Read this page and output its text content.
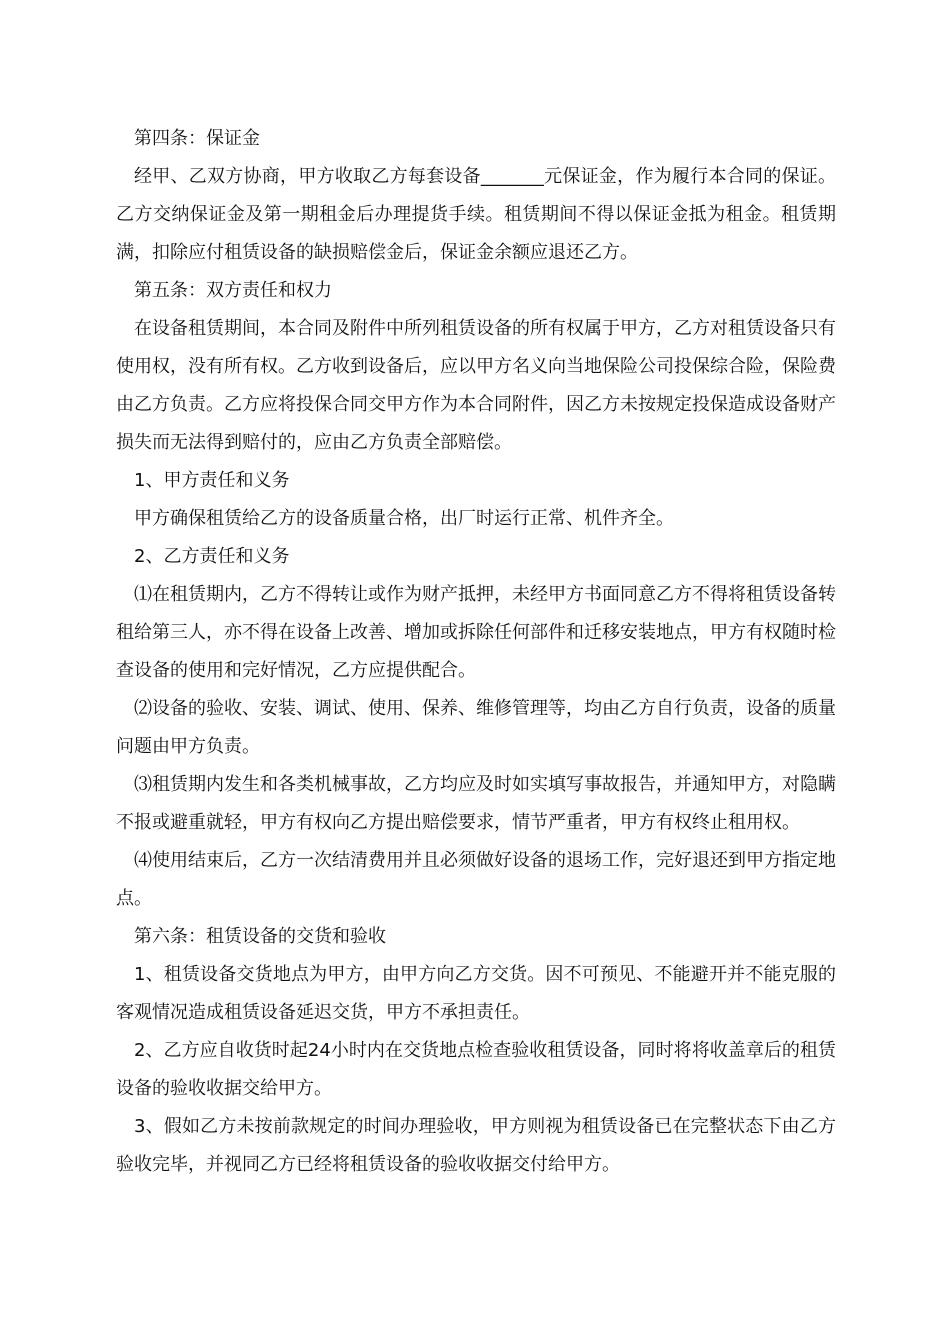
第四条：保证金

经甲、乙双方协商，甲方收取乙方每套设备_______元保证金，作为履行本合同的保证。乙方交纳保证金及第一期租金后办理提货手续。租赁期间不得以保证金抵为租金。租赁期满，扣除应付租赁设备的缺损赔偿金后，保证金余额应退还乙方。

第五条：双方责任和权力

在设备租赁期间，本合同及附件中所列租赁设备的所有权属于甲方，乙方对租赁设备只有使用权，没有所有权。乙方收到设备后，应以甲方名义向当地保险公司投保综合险，保险费由乙方负责。乙方应将投保合同交甲方作为本合同附件，因乙方未按规定投保造成设备财产损失而无法得到赔付的，应由乙方负责全部赔偿。

1、甲方责任和义务

甲方确保租赁给乙方的设备质量合格，出厂时运行正常、机件齐全。

2、乙方责任和义务

⑴在租赁期内，乙方不得转让或作为财产抵押，未经甲方书面同意乙方不得将租赁设备转租给第三人，亦不得在设备上改善、增加或拆除任何部件和迁移安装地点，甲方有权随时检查设备的使用和完好情况，乙方应提供配合。

⑵设备的验收、安装、调试、使用、保养、维修管理等，均由乙方自行负责，设备的质量问题由甲方负责。

⑶租赁期内发生和各类机械事故，乙方均应及时如实填写事故报告，并通知甲方，对隐瞒不报或避重就轻，甲方有权向乙方提出赔偿要求，情节严重者，甲方有权终止租用权。

⑷使用结束后，乙方一次结清费用并且必须做好设备的退场工作，完好退还到甲方指定地点。

第六条：租赁设备的交货和验收

1、租赁设备交货地点为甲方，由甲方向乙方交货。因不可预见、不能避开并不能克服的客观情况造成租赁设备延迟交货，甲方不承担责任。

2、乙方应自收货时起24小时内在交货地点检查验收租赁设备，同时将将收盖章后的租赁设备的验收收据交给甲方。

3、假如乙方未按前款规定的时间办理验收，甲方则视为租赁设备已在完整状态下由乙方验收完毕，并视同乙方已经将租赁设备的验收收据交付给甲方。
